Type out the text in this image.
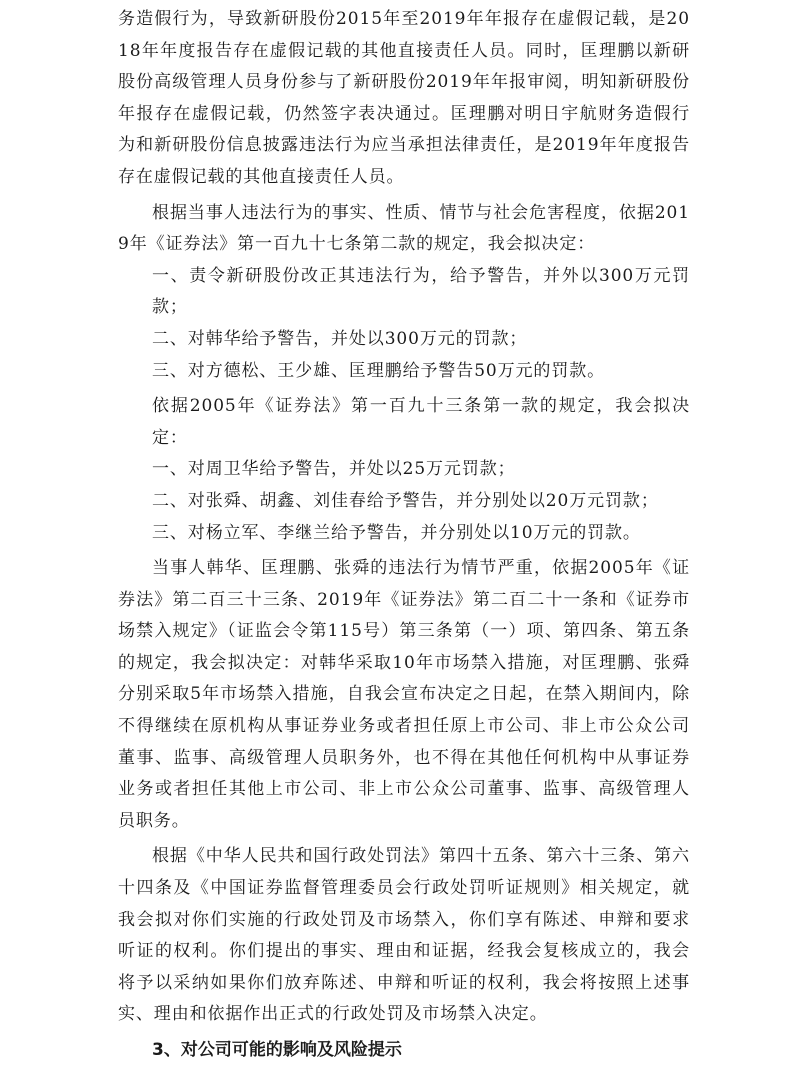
务造假行为，导致新研股份2015年至2019年年报存在虚假记载，是2018年年度报告存在虚假记载的其他直接责任人员。同时，匡理鹏以新研股份高级管理人员身份参与了新研股份2019年年报审阅，明知新研股份年报存在虚假记载，仍然签字表决通过。匡理鹏对明日宇航财务造假行为和新研股份信息披露违法行为应当承担法律责任，是2019年年度报告存在虚假记载的其他直接责任人员。

根据当事人违法行为的事实、性质、情节与社会危害程度，依据2019年《证券法》第一百九十七条第二款的规定，我会拟决定：

一、责令新研股份改正其违法行为，给予警告，并外以300万元罚款；

二、对韩华给予警告，并处以300万元的罚款；

三、对方德松、王少雄、匡理鹏给予警告50万元的罚款。

依据2005年《证券法》第一百九十三条第一款的规定，我会拟决定：

一、对周卫华给予警告，并处以25万元罚款；

二、对张舜、胡鑫、刘佳春给予警告，并分别处以20万元罚款；

三、对杨立军、李继兰给予警告，并分别处以10万元的罚款。

当事人韩华、匡理鹏、张舜的违法行为情节严重，依据2005年《证券法》第二百三十三条、2019年《证券法》第二百二十一条和《证券市场禁入规定》（证监会令第115号）第三条第（一）项、第四条、第五条的规定，我会拟决定：对韩华采取10年市场禁入措施，对匡理鹏、张舜分别采取5年市场禁入措施，自我会宣布决定之日起，在禁入期间内，除不得继续在原机构从事证券业务或者担任原上市公司、非上市公众公司董事、监事、高级管理人员职务外，也不得在其他任何机构中从事证券业务或者担任其他上市公司、非上市公众公司董事、监事、高级管理人员职务。

根据《中华人民共和国行政处罚法》第四十五条、第六十三条、第六十四条及《中国证券监督管理委员会行政处罚听证规则》相关规定，就我会拟对你们实施的行政处罚及市场禁入，你们享有陈述、申辩和要求听证的权利。你们提出的事实、理由和证据，经我会复核成立的，我会将予以采纳如果你们放弃陈述、申辩和听证的权利，我会将按照上述事实、理由和依据作出正式的行政处罚及市场禁入决定。

3、对公司可能的影响及风险提示
